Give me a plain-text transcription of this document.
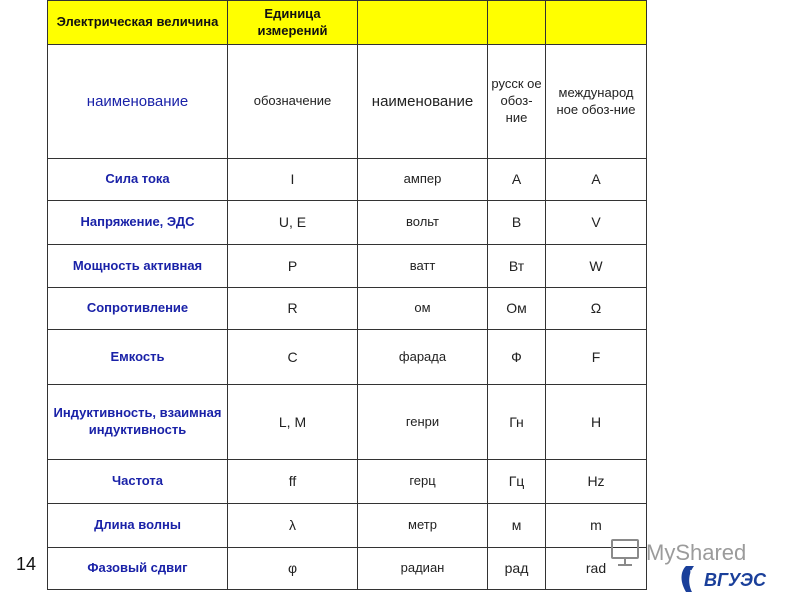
Электрическая величина	Единица измерений			
наименование	обозначение	наименование	русск ое обоз- ние	международ ное обоз-ние
Сила тока	I	ампер	А	А
Напряжение, ЭДС	U, E	вольт	В	V
Мощность активная	P	ватт	Вт	W
Сопротивление	R	ом	Ом	Ω
Емкость	C	фарада	Ф	F
Индуктивность, взаимная индуктивность	L, M	генри	Гн	H
Частота	ff	герц	Гц	Hz
Длина волны	λ	метр	м	m
Фазовый сдвиг	φ	радиан	рад	rad
14	MyShared
ВГУЭС
